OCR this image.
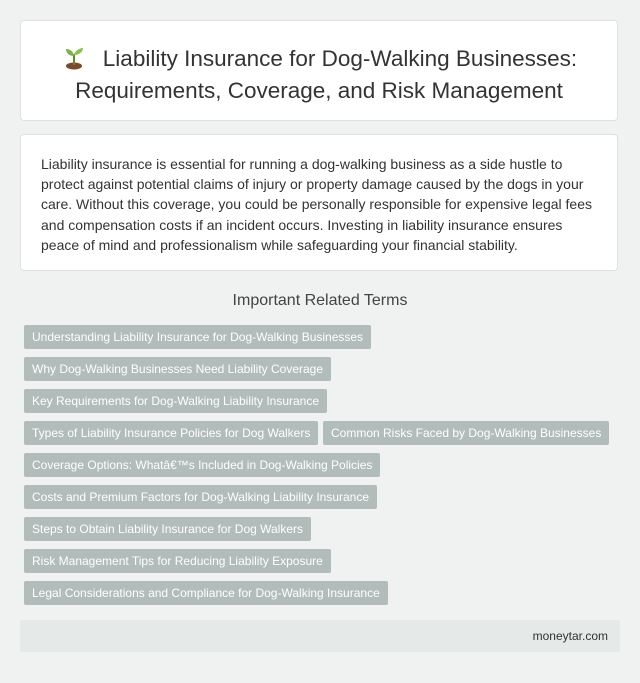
Liability Insurance for Dog-Walking Businesses: Requirements, Coverage, and Risk Management

Liability insurance is essential for running a dog-walking business as a side hustle to protect against potential claims of injury or property damage caused by the dogs in your care. Without this coverage, you could be personally responsible for expensive legal fees and compensation costs if an incident occurs. Investing in liability insurance ensures peace of mind and professionalism while safeguarding your financial stability.

Important Related Terms
Understanding Liability Insurance for Dog-Walking Businesses
Why Dog-Walking Businesses Need Liability Coverage
Key Requirements for Dog-Walking Liability Insurance
Types of Liability Insurance Policies for Dog Walkers	Common Risks Faced by Dog-Walking Businesses
Coverage Options: Whatâ€™s Included in Dog-Walking Policies
Costs and Premium Factors for Dog-Walking Liability Insurance
Steps to Obtain Liability Insurance for Dog Walkers
Risk Management Tips for Reducing Liability Exposure
Legal Considerations and Compliance for Dog-Walking Insurance
moneytar.com
